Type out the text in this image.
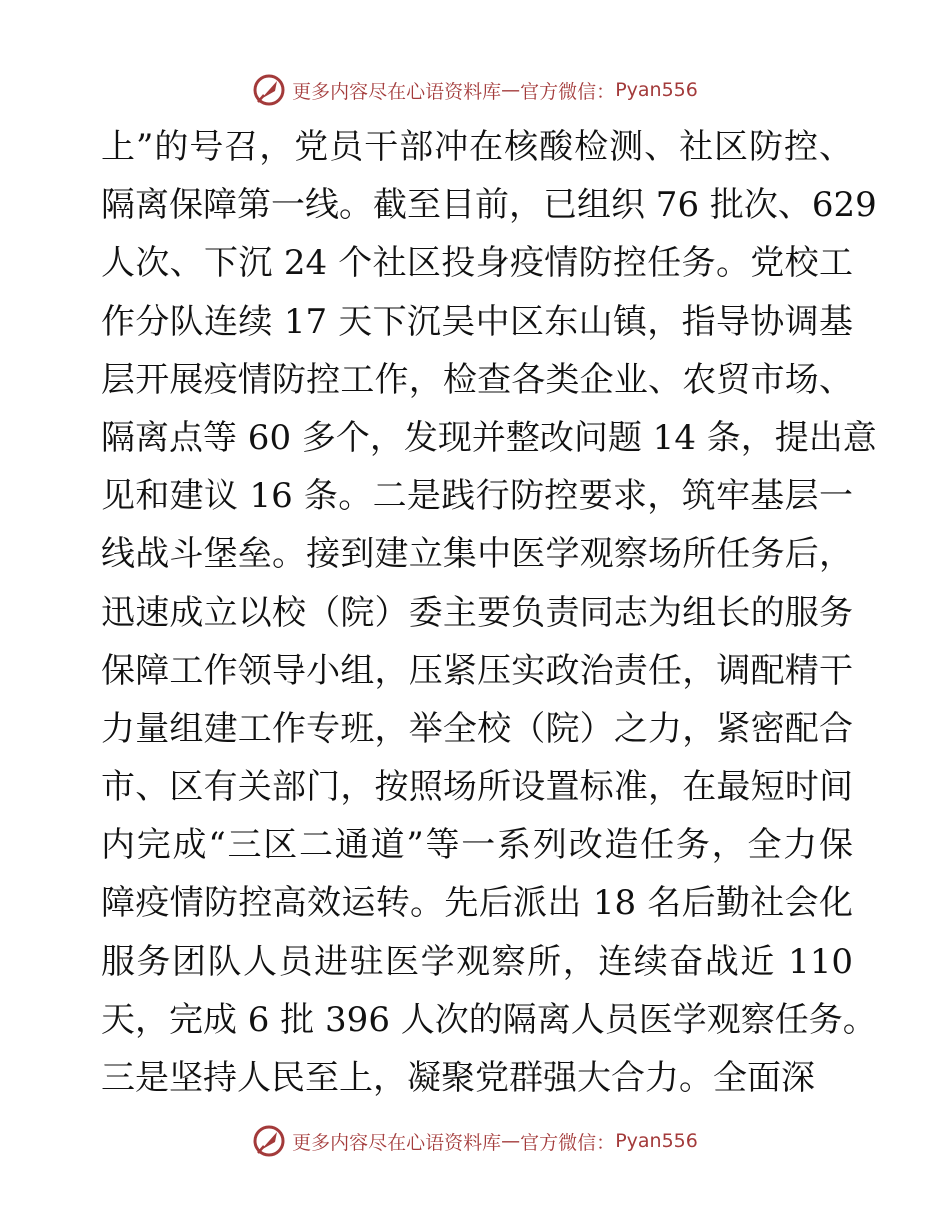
更多内容尽在心语资料库 — 官方微信： Pyan556
上”的号召，党员干部冲在核酸检测、社区防控、
隔离保障第一线。截至目前，已组织 76 批次、629
人次、下沉 24 个社区投身疫情防控任务。党校工
作分队连续 17 天下沉吴中区东山镇，指导协调基
层开展疫情防控工作，检查各类企业、农贸市场、
隔离点等 60 多个，发现并整改问题 14 条，提出意
见和建议 16 条。二是践行防控要求，筑牢基层一
线战斗堡垒。接到建立集中医学观察场所任务后，
迅速成立以校（院）委主要负责同志为组长的服务
保障工作领导小组，压紧压实政治责任，调配精干
力量组建工作专班，举全校（院）之力，紧密配合
市、区有关部门，按照场所设置标准，在最短时间
内完成“三区二通道”等一系列改造任务，全力保
障疫情防控高效运转。先后派出 18 名后勤社会化
服务团队人员进驻医学观察所，连续奋战近 110
天，完成 6 批 396 人次的隔离人员医学观察任务。
三是坚持人民至上，凝聚党群强大合力。全面深
更多内容尽在心语资料库 — 官方微信： Pyan556
